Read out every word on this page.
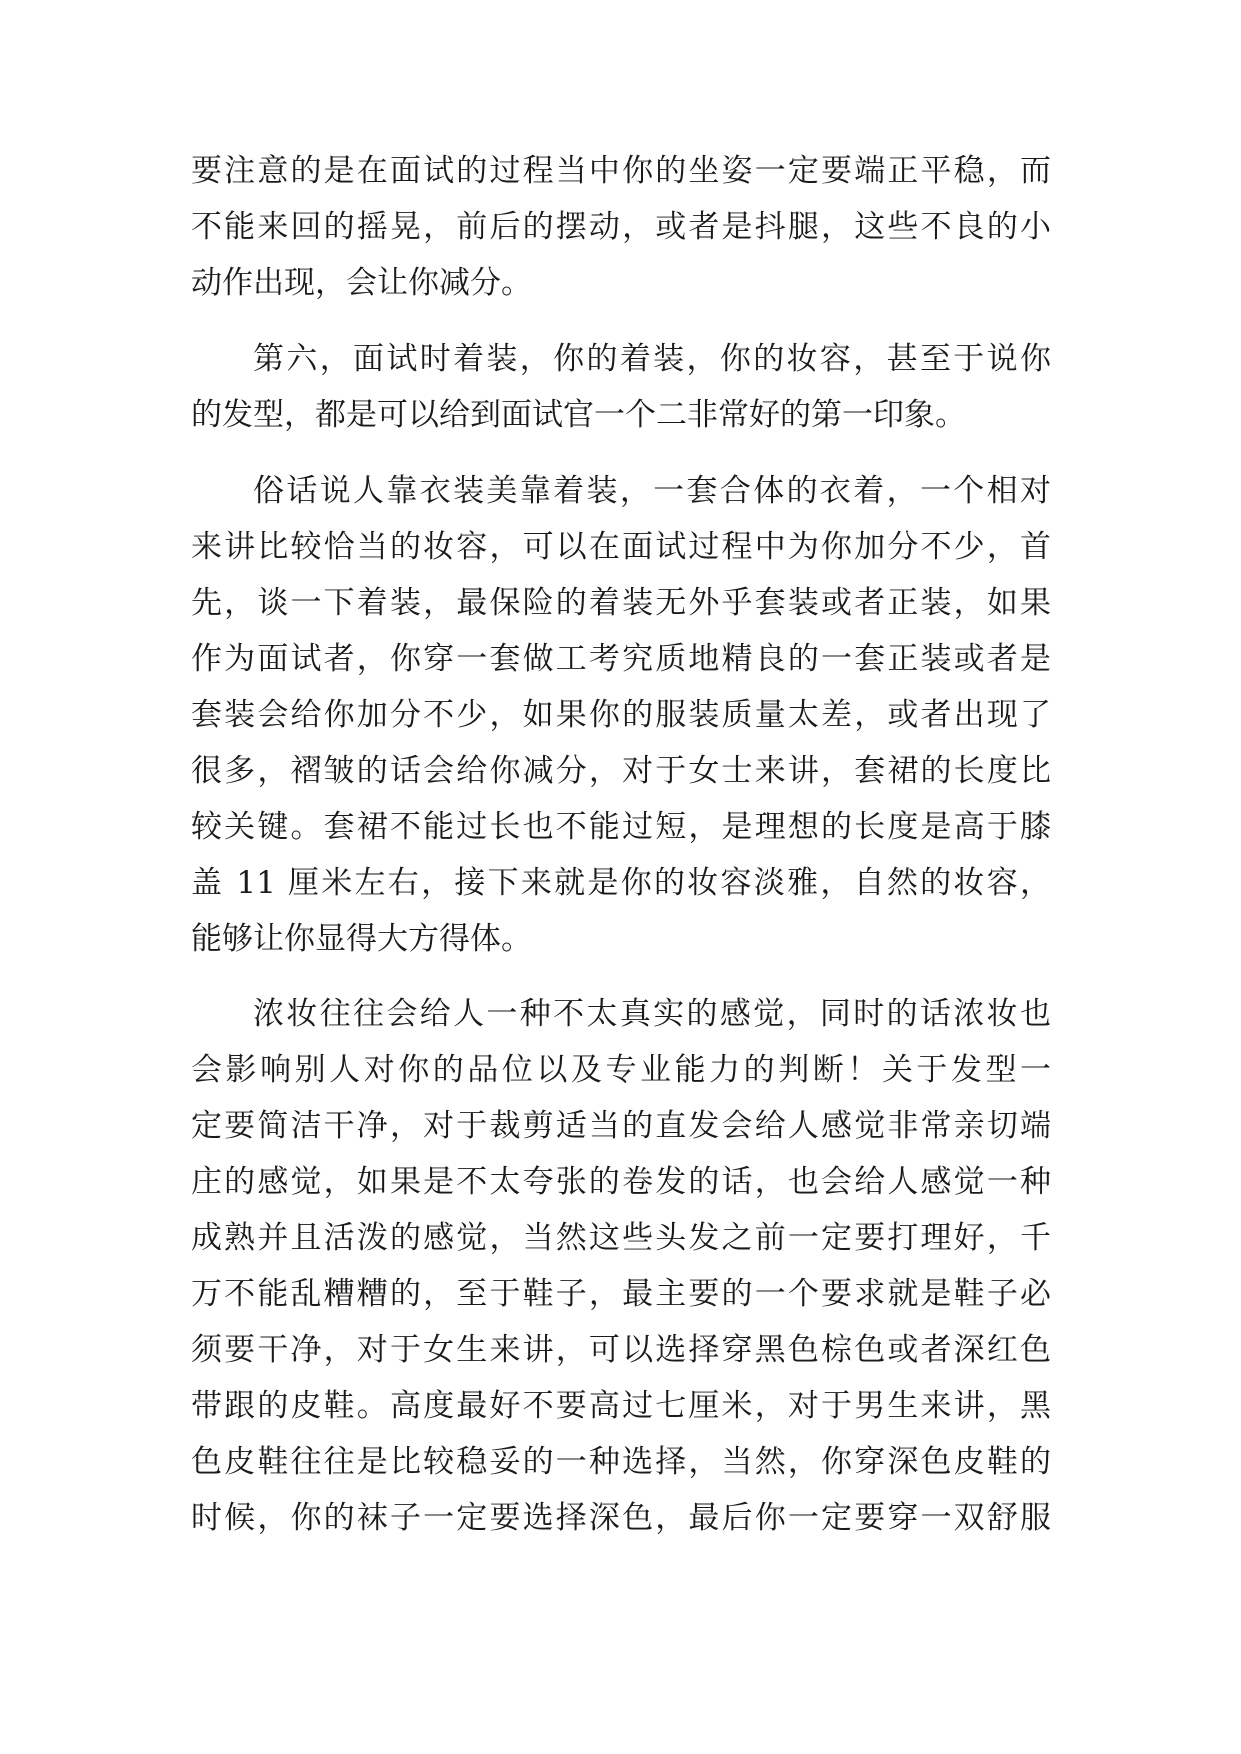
要注意的是在面试的过程当中你的坐姿一定要端正平稳，而
不能来回的摇晃，前后的摆动，或者是抖腿，这些不良的小
动作出现，会让你减分。
第六，面试时着装，你的着装，你的妆容，甚至于说你
的发型，都是可以给到面试官一个二非常好的第一印象。
俗话说人靠衣装美靠着装，一套合体的衣着，一个相对
来讲比较恰当的妆容，可以在面试过程中为你加分不少，首
先，谈一下着装，最保险的着装无外乎套装或者正装，如果
作为面试者，你穿一套做工考究质地精良的一套正装或者是
套装会给你加分不少，如果你的服装质量太差，或者出现了
很多，褶皱的话会给你减分，对于女士来讲，套裙的长度比
较关键。套裙不能过长也不能过短，是理想的长度是高于膝
盖 11 厘米左右，接下来就是你的妆容淡雅，自然的妆容，
能够让你显得大方得体。
浓妆往往会给人一种不太真实的感觉，同时的话浓妆也
会影响别人对你的品位以及专业能力的判断！关于发型一
定要简洁干净，对于裁剪适当的直发会给人感觉非常亲切端
庄的感觉，如果是不太夸张的卷发的话，也会给人感觉一种
成熟并且活泼的感觉，当然这些头发之前一定要打理好，千
万不能乱糟糟的，至于鞋子，最主要的一个要求就是鞋子必
须要干净，对于女生来讲，可以选择穿黑色棕色或者深红色
带跟的皮鞋。高度最好不要高过七厘米，对于男生来讲，黑
色皮鞋往往是比较稳妥的一种选择，当然，你穿深色皮鞋的
时候，你的袜子一定要选择深色，最后你一定要穿一双舒服
